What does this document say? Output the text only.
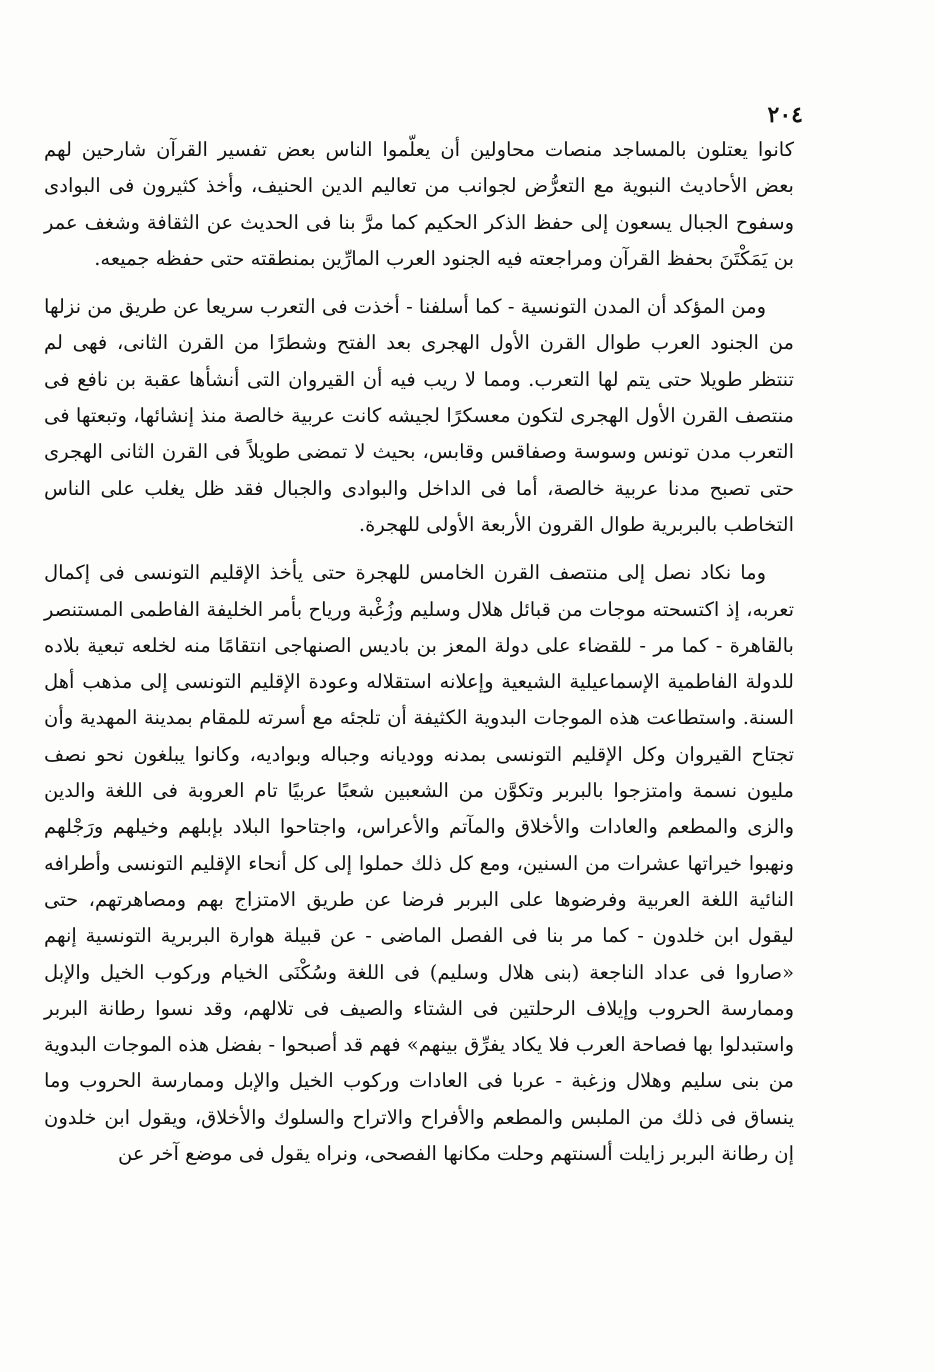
٢٠٤

كانوا يعتلون بالمساجد منصات محاولين أن يعلّموا الناس بعض تفسير القرآن شارحين لهم بعض الأحاديث النبوية مع التعرُّض لجوانب من تعاليم الدين الحنيف، وأخذ كثيرون فى البوادى وسفوح الجبال يسعون إلى حفظ الذكر الحكيم كما مرَّ بنا فى الحديث عن الثقافة وشغف عمر بن يَمَكْتَنَ بحفظ القرآن ومراجعته فيه الجنود العرب المارِّين بمنطقته حتى حفظه جميعه.

ومن المؤكد أن المدن التونسية - كما أسلفنا - أخذت فى التعرب سريعا عن طريق من نزلها من الجنود العرب طوال القرن الأول الهجرى بعد الفتح وشطرًا من القرن الثانى، فهى لم تنتظر طويلا حتى يتم لها التعرب. ومما لا ريب فيه أن القيروان التى أنشأها عقبة بن نافع فى منتصف القرن الأول الهجرى لتكون معسكرًا لجيشه كانت عربية خالصة منذ إنشائها، وتبعتها فى التعرب مدن تونس وسوسة وصفاقس وقابس، بحيث لا تمضى طويلاً فى القرن الثانى الهجرى حتى تصبح مدنا عربية خالصة، أما فى الداخل والبوادى والجبال فقد ظل يغلب على الناس التخاطب بالبربرية طوال القرون الأربعة الأولى للهجرة.

وما نكاد نصل إلى منتصف القرن الخامس للهجرة حتى يأخذ الإقليم التونسى فى إكمال تعربه، إذ اكتسحته موجات من قبائل هلال وسليم وزُغْبة ورياح بأمر الخليفة الفاطمى المستنصر بالقاهرة - كما مر - للقضاء على دولة المعز بن باديس الصنهاجى انتقامًا منه لخلعه تبعية بلاده للدولة الفاطمية الإسماعيلية الشيعية وإعلانه استقلاله وعودة الإقليم التونسى إلى مذهب أهل السنة. واستطاعت هذه الموجات البدوية الكثيفة أن تلجئه مع أسرته للمقام بمدينة المهدية وأن تجتاح القيروان وكل الإقليم التونسى بمدنه ووديانه وجباله وبواديه، وكانوا يبلغون نحو نصف مليون نسمة وامتزجوا بالبربر وتكوَّن من الشعبين شعبًا عربيًا تام العروبة فى اللغة والدين والزى والمطعم والعادات والأخلاق والمآتم والأعراس، واجتاحوا البلاد بإبلهم وخيلهم ورَجْلهم ونهبوا خيراتها عشرات من السنين، ومع كل ذلك حملوا إلى كل أنحاء الإقليم التونسى وأطرافه النائية اللغة العربية وفرضوها على البربر فرضا عن طريق الامتزاج بهم ومصاهرتهم، حتى ليقول ابن خلدون - كما مر بنا فى الفصل الماضى - عن قبيلة هوارة البربرية التونسية إنهم «صاروا فى عداد الناجعة (بنى هلال وسليم) فى اللغة وسُكْنَى الخيام وركوب الخيل والإبل وممارسة الحروب وإيلاف الرحلتين فى الشتاء والصيف فى تلالهم، وقد نسوا رطانة البربر واستبدلوا بها فصاحة العرب فلا يكاد يفرِّق بينهم» فهم قد أصبحوا - بفضل هذه الموجات البدوية من بنى سليم وهلال وزغبة - عربا فى العادات وركوب الخيل والإبل وممارسة الحروب وما ينساق فى ذلك من الملبس والمطعم والأفراح والاتراح والسلوك والأخلاق، ويقول ابن خلدون إن رطانة البربر زايلت ألسنتهم وحلت مكانها الفصحى، ونراه يقول فى موضع آخر عن
